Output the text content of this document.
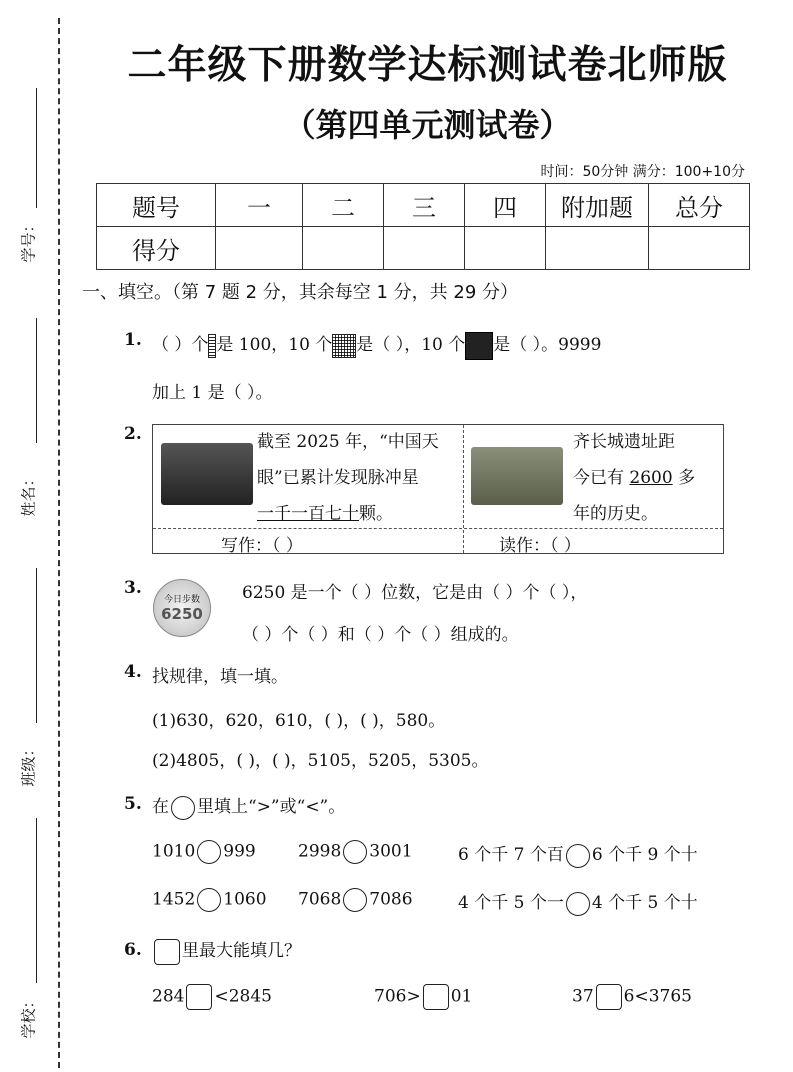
学号：
姓名：
班级：
学校：
二年级下册数学达标测试卷北师版
（第四单元测试卷）
时间：50分钟 满分：100+10分
题号	一	二	三	四	附加题	总分
得分						
一、填空。（第 7 题 2 分，其余每空 1 分，共 29 分）
1. （ ）个 是 100，10 个 是（ ），10 个 是（ ）。9999
加上 1 是（ ）。
2.	截至 2025 年，“中国天
眼”已累计发现脉冲星
一千一百七十颗。
齐长城遗址距
今已有 2600 多
年的历史。
写作：（ ）	读作：（ ）
3.
今日步数
6250
6250 是一个（ ）位数，它是由（ ）个（ ），
（ ）个（ ）和（ ）个（ ）组成的。
4. 找规律，填一填。
(1)630，620，610，( )，( )，580。
(2)4805，( )，( )，5105，5205，5305。
5. 在 里填上“>”或“<”。
1010 999 2998 3001	6 个千 7 个百 6 个千 9 个十
1452 1060 7068 7086	4 个千 5 个一 4 个千 5 个十
6.	里最大能填几？
284 <2845	706> 01	37 6<3765
